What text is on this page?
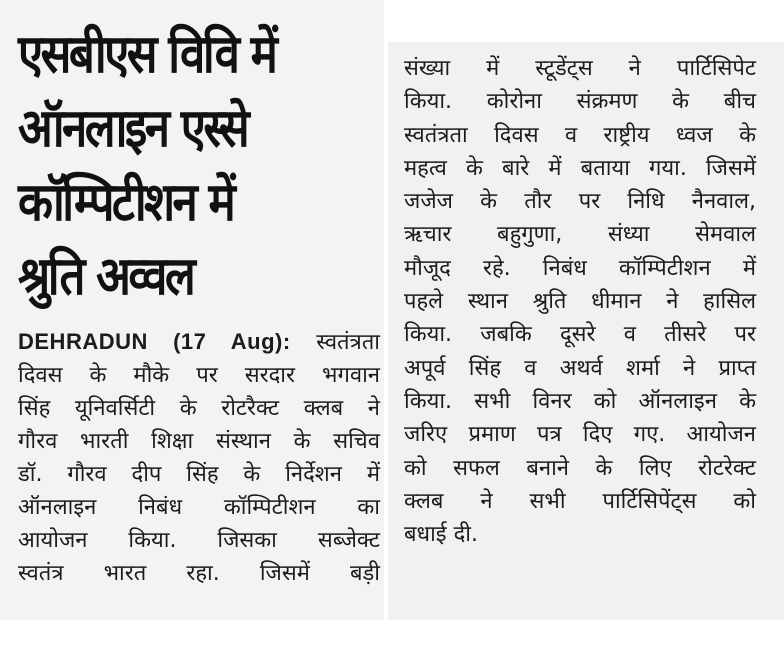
एसबीएस विवि में
ऑनलाइन एस्से
कॉम्पिटीशन में
श्रुति अव्वल
DEHRADUN (17 Aug): स्वतंत्रता
दिवस के मौके पर सरदार भगवान
सिंह यूनिवर्सिटी के रोटरैक्ट क्लब ने
गौरव भारती शिक्षा संस्थान के सचिव
डॉ. गौरव दीप सिंह के निर्देशन में
ऑनलाइन निबंध कॉम्पिटीशन का
आयोजन किया. जिसका सब्जेक्ट
स्वतंत्र भारत रहा. जिसमें बड़ी
संख्या में स्टूडेंट्स ने पार्टिसिपेट
किया. कोरोना संक्रमण के बीच
स्वतंत्रता दिवस व राष्ट्रीय ध्वज के
महत्व के बारे में बताया गया. जिसमें
जजेज के तौर पर निधि नैनवाल,
ऋचार बहुगुणा, संध्या सेमवाल
मौजूद रहे. निबंध कॉम्पिटीशन में
पहले स्थान श्रुति धीमान ने हासिल
किया. जबकि दूसरे व तीसरे पर
अपूर्व सिंह व अथर्व शर्मा ने प्राप्त
किया. सभी विनर को ऑनलाइन के
जरिए प्रमाण पत्र दिए गए. आयोजन
को सफल बनाने के लिए रोटरेक्ट
क्लब ने सभी पार्टिसिपेंट्स को
बधाई दी.
